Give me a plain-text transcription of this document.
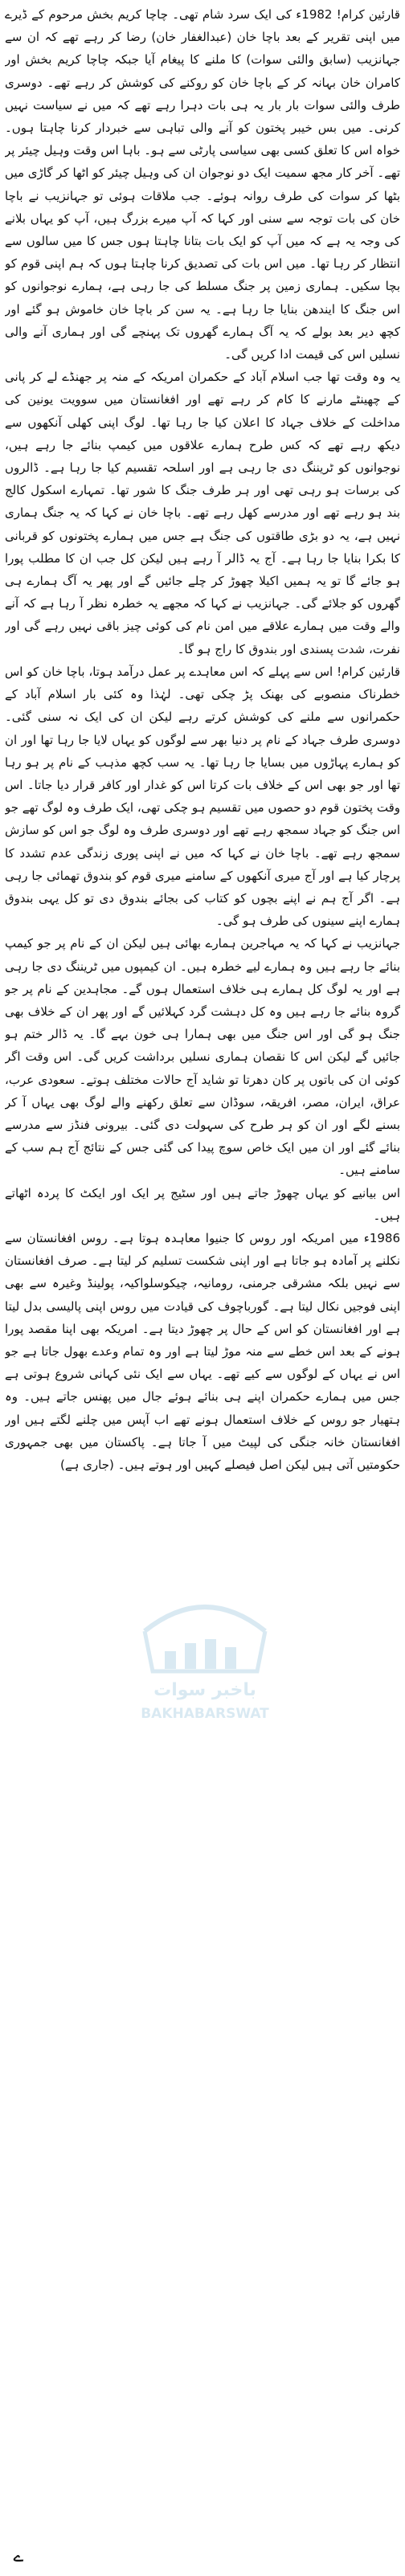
قارئین کرام! 1982ء کی ایک سرد شام تھی۔ چاچا کریم بخش مرحوم کے ڈیرے میں اپنی تقریر کے بعد باچا خان (عبدالغفار خان) رضا کر رہے تھے کہ ان سے جہانزیب (سابق والئی سوات) کا ملنے کا پیغام آیا جبکہ چاچا کریم بخش اور کامران خان بہانہ کر کے باچا خان کو روکنے کی کوشش کر رہے تھے۔ دوسری طرف والئی سوات بار بار یہ ہی بات دہرا رہے تھے کہ میں نے سیاست نہیں کرنی۔ میں بس خیبر پختون کو آنے والی تباہی سے خبردار کرنا چاہتا ہوں۔ خواہ اس کا تعلق کسی بھی سیاسی پارٹی سے ہو۔ باہا اس وقت وہیل چیئر پر تھے۔ آخر کار مجھ سمیت ایک دو نوجوان ان کی وہیل چیئر کو اٹھا کر گاڑی میں بٹھا کر سوات کی طرف روانہ ہوئے۔ جب ملاقات ہوئی تو جہانزیب نے باچا خان کی بات توجہ سے سنی اور کہا کہ آپ میرے بزرگ ہیں، آپ کو یہاں بلانے کی وجہ یہ ہے کہ میں آپ کو ایک بات بتانا چاہتا ہوں جس کا میں سالوں سے انتظار کر رہا تھا۔ میں اس بات کی تصدیق کرنا چاہتا ہوں کہ ہم اپنی قوم کو بچا سکیں۔ ہماری زمین پر جنگ مسلط کی جا رہی ہے، ہمارے نوجوانوں کو اس جنگ کا ایندھن بنایا جا رہا ہے۔ یہ سن کر باچا خان خاموش ہو گئے اور کچھ دیر بعد بولے کہ یہ آگ ہمارے گھروں تک پہنچے گی اور ہماری آنے والی نسلیں اس کی قیمت ادا کریں گی۔

یہ وہ وقت تھا جب اسلام آباد کے حکمران امریکہ کے منہ پر جھنڈے لے کر پانی کے چھینٹے مارنے کا کام کر رہے تھے اور افغانستان میں سوویت یونین کی مداخلت کے خلاف جہاد کا اعلان کیا جا رہا تھا۔ لوگ اپنی کھلی آنکھوں سے دیکھ رہے تھے کہ کس طرح ہمارے علاقوں میں کیمپ بنائے جا رہے ہیں، نوجوانوں کو ٹریننگ دی جا رہی ہے اور اسلحہ تقسیم کیا جا رہا ہے۔ ڈالروں کی برسات ہو رہی تھی اور ہر طرف جنگ کا شور تھا۔ تمہارے اسکول کالج بند ہو رہے تھے اور مدرسے کھل رہے تھے۔ باچا خان نے کہا کہ یہ جنگ ہماری نہیں ہے، یہ دو بڑی طاقتوں کی جنگ ہے جس میں ہمارے پختونوں کو قربانی کا بکرا بنایا جا رہا ہے۔ آج یہ ڈالر آ رہے ہیں لیکن کل جب ان کا مطلب پورا ہو جائے گا تو یہ ہمیں اکیلا چھوڑ کر چلے جائیں گے اور پھر یہ آگ ہمارے ہی گھروں کو جلائے گی۔ جہانزیب نے کہا کہ مجھے یہ خطرہ نظر آ رہا ہے کہ آنے والے وقت میں ہمارے علاقے میں امن نام کی کوئی چیز باقی نہیں رہے گی اور نفرت، شدت پسندی اور بندوق کا راج ہو گا۔

قارئین کرام! اس سے پہلے کہ اس معاہدے پر عمل درآمد ہوتا، باچا خان کو اس خطرناک منصوبے کی بھنک پڑ چکی تھی۔ لہٰذا وہ کئی بار اسلام آباد کے حکمرانوں سے ملنے کی کوشش کرتے رہے لیکن ان کی ایک نہ سنی گئی۔ دوسری طرف جہاد کے نام پر دنیا بھر سے لوگوں کو یہاں لایا جا رہا تھا اور ان کو ہمارے پہاڑوں میں بسایا جا رہا تھا۔ یہ سب کچھ مذہب کے نام پر ہو رہا تھا اور جو بھی اس کے خلاف بات کرتا اس کو غدار اور کافر قرار دیا جاتا۔ اس وقت پختون قوم دو حصوں میں تقسیم ہو چکی تھی، ایک طرف وہ لوگ تھے جو اس جنگ کو جہاد سمجھ رہے تھے اور دوسری طرف وہ لوگ جو اس کو سازش سمجھ رہے تھے۔ باچا خان نے کہا کہ میں نے اپنی پوری زندگی عدم تشدد کا پرچار کیا ہے اور آج میری آنکھوں کے سامنے میری قوم کو بندوق تھمائی جا رہی ہے۔ اگر آج ہم نے اپنے بچوں کو کتاب کی بجائے بندوق دی تو کل یہی بندوق ہمارے اپنے سینوں کی طرف ہو گی۔

جہانزیب نے کہا کہ یہ مہاجرین ہمارے بھائی ہیں لیکن ان کے نام پر جو کیمپ بنائے جا رہے ہیں وہ ہمارے لیے خطرہ ہیں۔ ان کیمپوں میں ٹریننگ دی جا رہی ہے اور یہ لوگ کل ہمارے ہی خلاف استعمال ہوں گے۔ مجاہدین کے نام پر جو گروہ بنائے جا رہے ہیں وہ کل دہشت گرد کہلائیں گے اور پھر ان کے خلاف بھی جنگ ہو گی اور اس جنگ میں بھی ہمارا ہی خون بہے گا۔ یہ ڈالر ختم ہو جائیں گے لیکن اس کا نقصان ہماری نسلیں برداشت کریں گی۔ اس وقت اگر کوئی ان کی باتوں پر کان دھرتا تو شاید آج حالات مختلف ہوتے۔ سعودی عرب، عراق، ایران، مصر، افریقہ، سوڈان سے تعلق رکھنے والے لوگ بھی یہاں آ کر بسنے لگے اور ان کو ہر طرح کی سہولت دی گئی۔ بیرونی فنڈز سے مدرسے بنائے گئے اور ان میں ایک خاص سوچ پیدا کی گئی جس کے نتائج آج ہم سب کے سامنے ہیں۔

اس بیانیے کو یہاں چھوڑ جاتے ہیں اور سٹیج پر ایک اور ایکٹ کا پردہ اٹھاتے ہیں۔

1986ء میں امریکہ اور روس کا جنیوا معاہدہ ہوتا ہے۔ روس افغانستان سے نکلنے پر آمادہ ہو جاتا ہے اور اپنی شکست تسلیم کر لیتا ہے۔ صرف افغانستان سے نہیں بلکہ مشرقی جرمنی، رومانیہ، چیکوسلواکیہ، پولینڈ وغیرہ سے بھی اپنی فوجیں نکال لیتا ہے۔ گورباچوف کی قیادت میں روس اپنی پالیسی بدل لیتا ہے اور افغانستان کو اس کے حال پر چھوڑ دیتا ہے۔ امریکہ بھی اپنا مقصد پورا ہونے کے بعد اس خطے سے منہ موڑ لیتا ہے اور وہ تمام وعدے بھول جاتا ہے جو اس نے یہاں کے لوگوں سے کیے تھے۔ یہاں سے ایک نئی کہانی شروع ہوتی ہے جس میں ہمارے حکمران اپنے ہی بنائے ہوئے جال میں پھنس جاتے ہیں۔ وہ ہتھیار جو روس کے خلاف استعمال ہونے تھے اب آپس میں چلنے لگتے ہیں اور افغانستان خانہ جنگی کی لپیٹ میں آ جاتا ہے۔ پاکستان میں بھی جمہوری حکومتیں آتی ہیں لیکن اصل فیصلے کہیں اور ہوتے ہیں۔ (جاری ہے)

باخبر سوات
BAKHABARSWAT
ے
